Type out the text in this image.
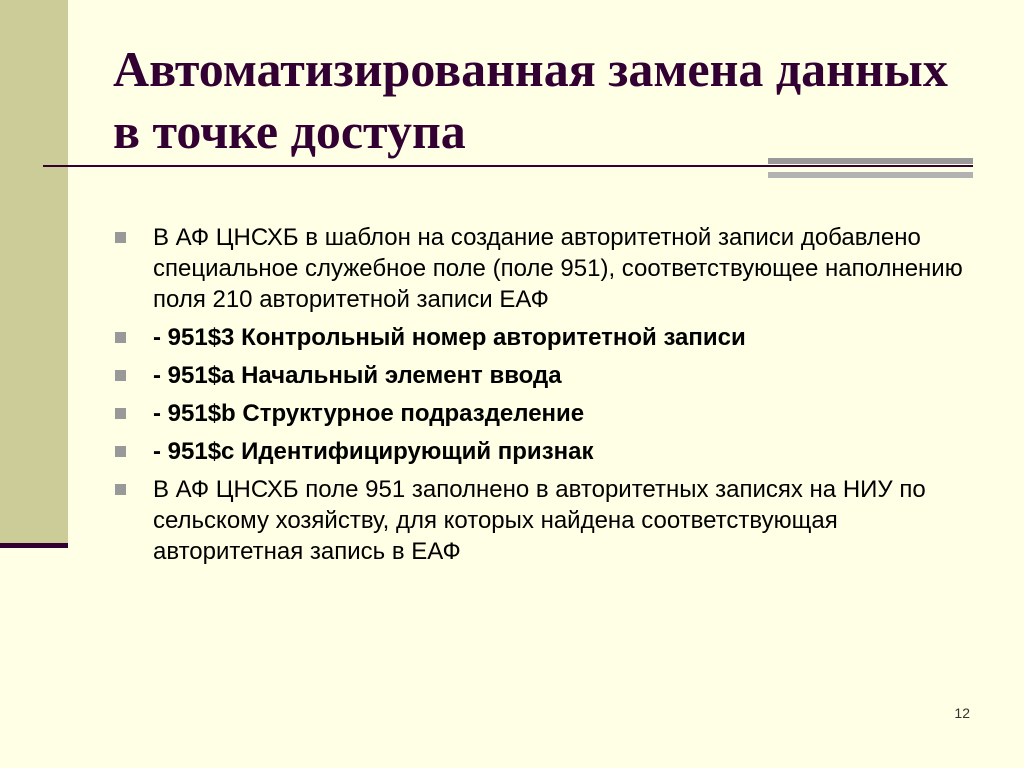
Автоматизированная замена данных в точке доступа
В АФ ЦНСХБ в шаблон на создание авторитетной записи добавлено специальное служебное поле (поле 951), соответствующее наполнению поля 210 авторитетной записи ЕАФ
- 951$3 Контрольный номер авторитетной записи
- 951$a Начальный элемент ввода
- 951$b Структурное подразделение
- 951$c Идентифицирующий признак
В АФ ЦНСХБ поле 951 заполнено в авторитетных записях на НИУ по сельскому хозяйству, для которых найдена соответствующая авторитетная запись в ЕАФ
12
